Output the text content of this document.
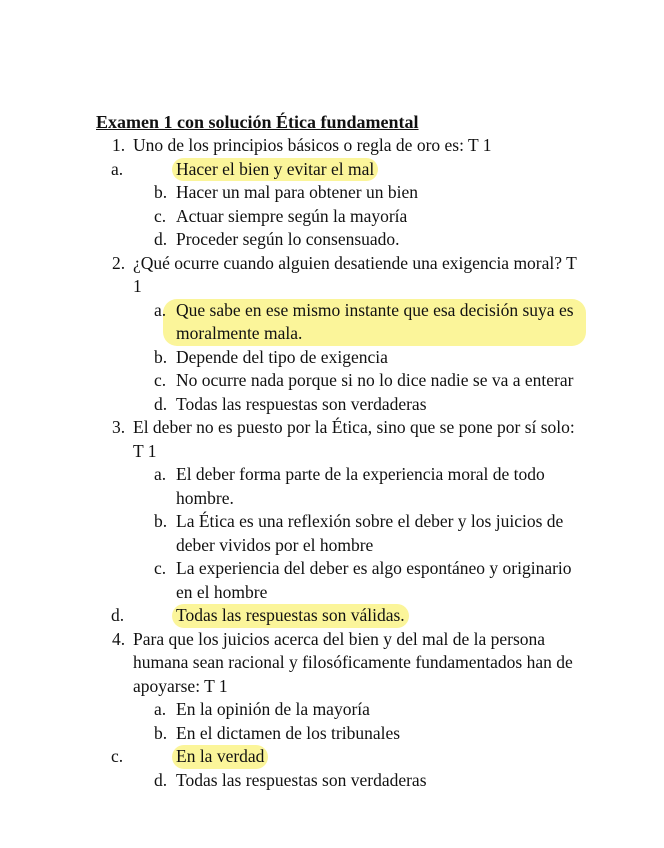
Examen 1 con solución Ética fundamental
1. Uno de los principios básicos o regla de oro es: T 1
a.	Hacer el bien y evitar el mal
b. Hacer un mal para obtener un bien
c. Actuar siempre según la mayoría
d. Proceder según lo consensuado.
2. ¿Qué ocurre cuando alguien desatiende una exigencia moral? T 1
a. Que sabe en ese mismo instante que esa decisión suya es moralmente mala.
b. Depende del tipo de exigencia
c. No ocurre nada porque si no lo dice nadie se va a enterar
d. Todas las respuestas son verdaderas
3. El deber no es puesto por la Ética, sino que se pone por sí solo: T 1
a. El deber forma parte de la experiencia moral de todo hombre.
b. La Ética es una reflexión sobre el deber y los juicios de deber vividos por el hombre
c. La experiencia del deber es algo espontáneo y originario en el hombre
d.	Todas las respuestas son válidas.
4. Para que los juicios acerca del bien y del mal de la persona humana sean racional y filosóficamente fundamentados han de apoyarse: T 1
a. En la opinión de la mayoría
b. En el dictamen de los tribunales
c.	En la verdad
d. Todas las respuestas son verdaderas
